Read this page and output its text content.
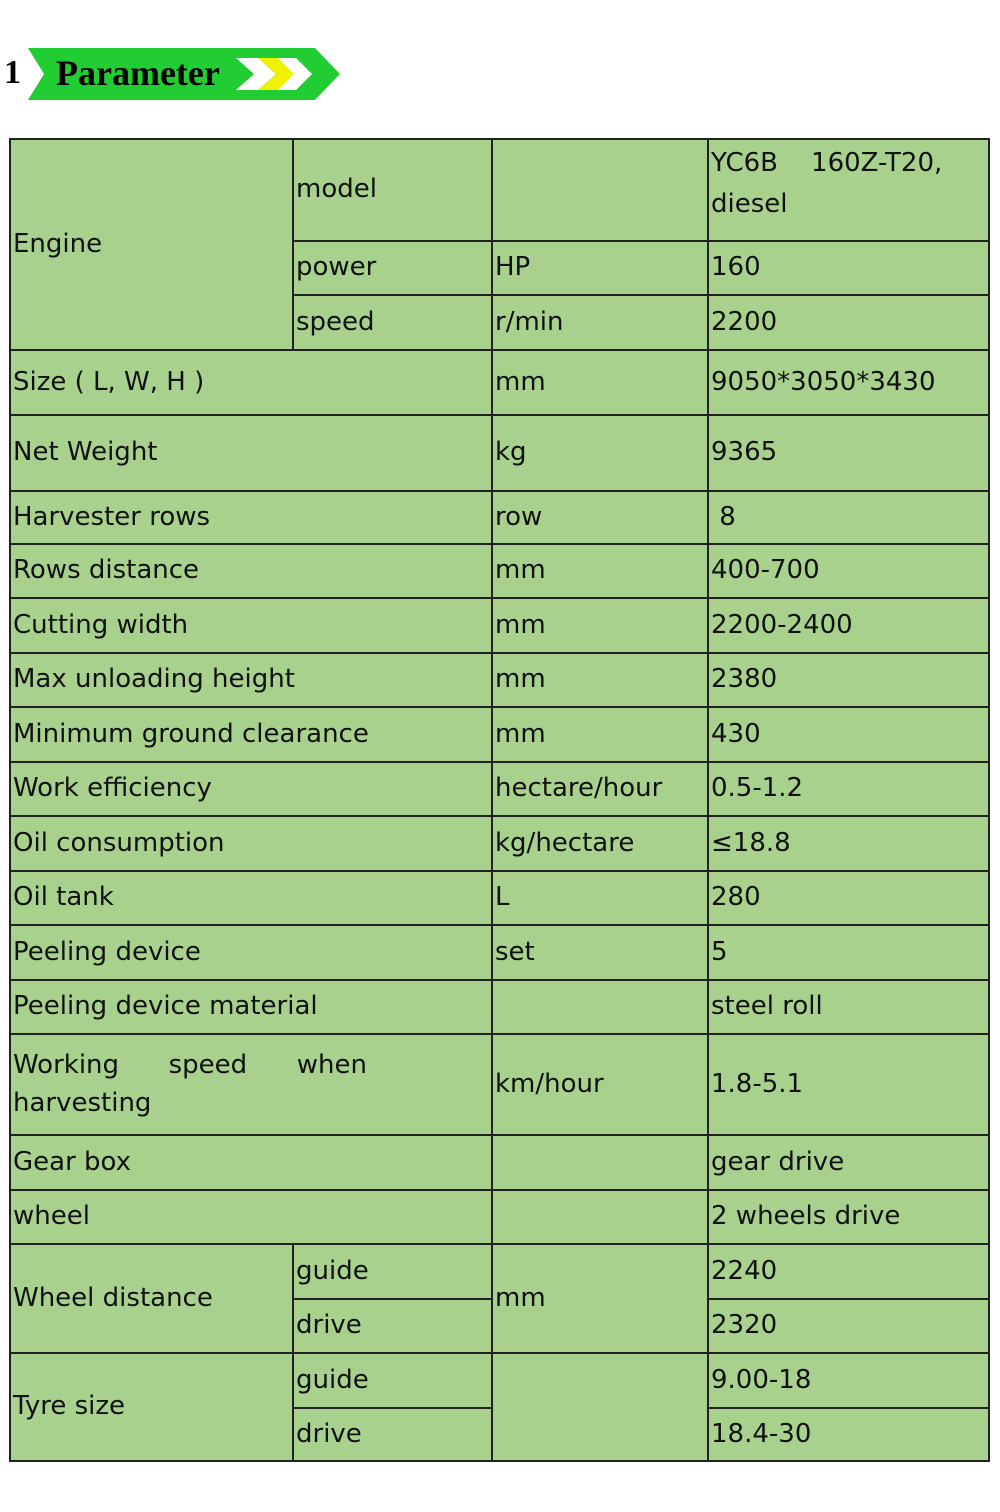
1 Parameter
Engine	model		YC6B    160Z-T20,
diesel

	power	HP	160
	speed	r/min	2200
Size ( L, W, H )		mm	9050*3050*3430
Net Weight		kg	9365
Harvester rows		row	8
Rows distance		mm	400-700
Cutting width		mm	2200-2400
Max unloading height		mm	2380
Minimum ground clearance		mm	430
Work efficiency		hectare/hour	0.5-1.2
Oil consumption		kg/hectare	≤18.8
Oil tank		L	280
Peeling device		set	5
Peeling device material			steel roll

Working      speed      when
harvesting		km/hour	1.8-5.1
Gear box			gear drive
wheel			2 wheels drive
Wheel distance	guide	mm	2240
	drive		2320
Tyre size	guide		9.00-18
	drive		18.4-30
